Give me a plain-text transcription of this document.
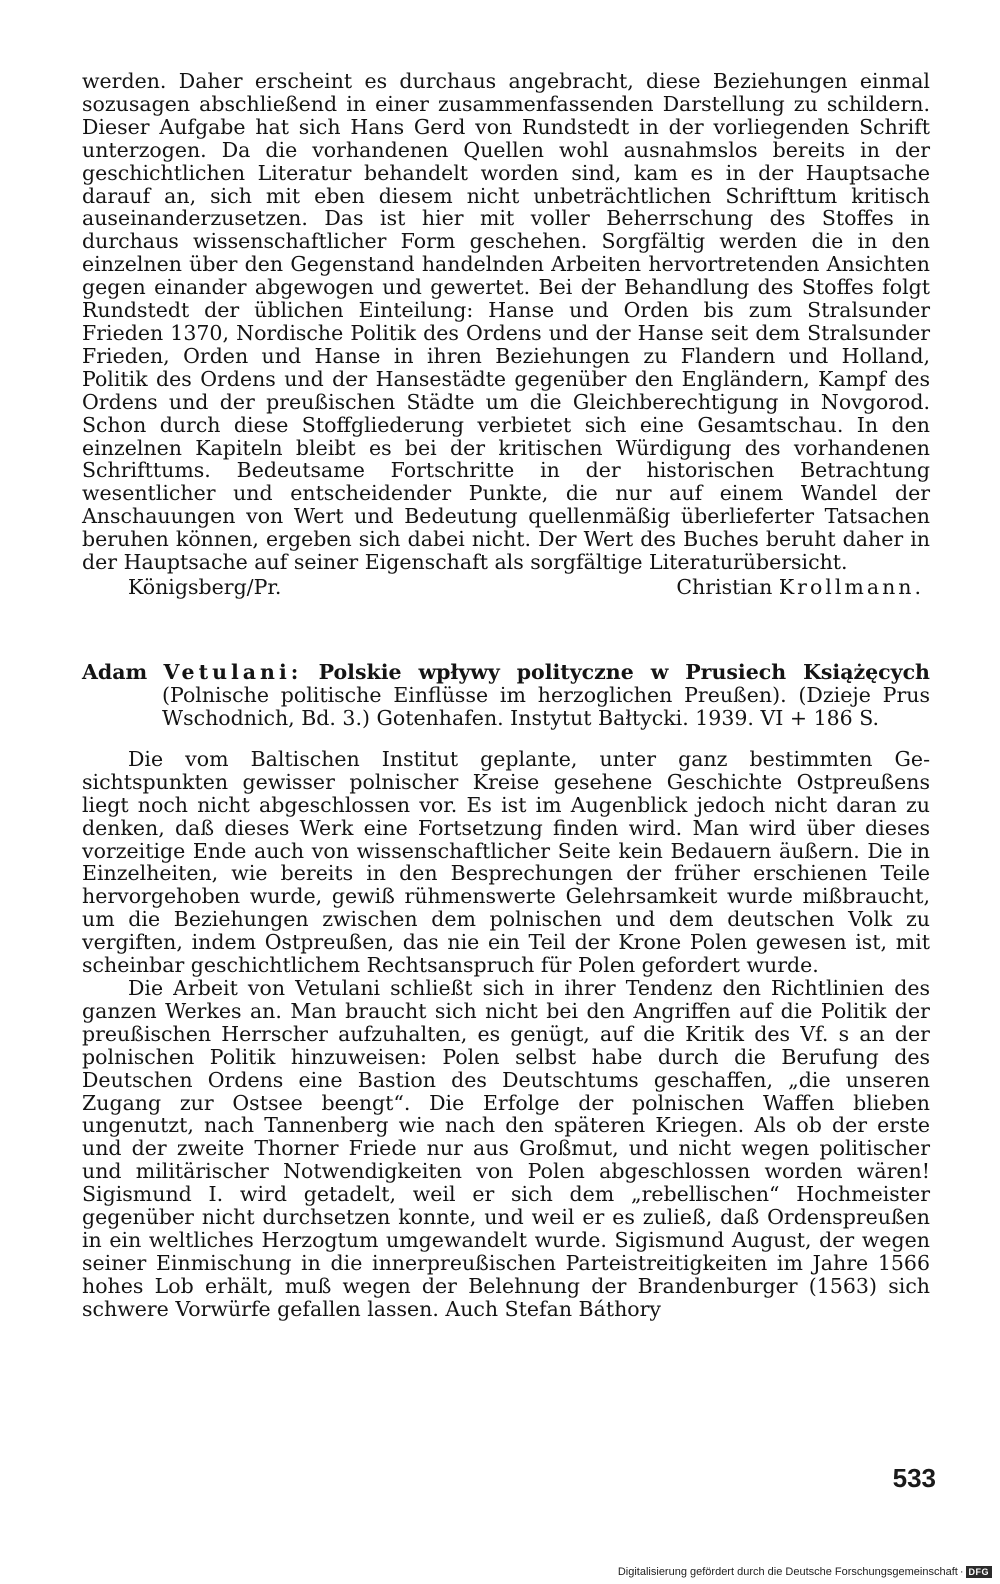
werden. Daher erscheint es durchaus angebracht, diese Beziehungen einmal sozusagen abschließend in einer zusammenfassenden Darstellung zu schildern. Dieser Aufgabe hat sich Hans Gerd von Rundstedt in der vorliegenden Schrift unterzogen. Da die vorhandenen Quellen wohl ausnahmslos bereits in der geschichtlichen Literatur behandelt worden sind, kam es in der Hauptsache darauf an, sich mit eben diesem nicht unbeträchtlichen Schrifttum kritisch auseinanderzusetzen. Das ist hier mit voller Beherrschung des Stoffes in durchaus wissenschaftlicher Form geschehen. Sorgfältig werden die in den einzelnen über den Gegenstand handelnden Arbeiten hervortretenden Ansichten gegen einander abgewogen und gewertet. Bei der Behandlung des Stoffes folgt Rundstedt der üblichen Einteilung: Hanse und Orden bis zum Stralsunder Frieden 1370, Nordische Politik des Ordens und der Hanse seit dem Stralsunder Frieden, Orden und Hanse in ihren Beziehungen zu Flandern und Holland, Politik des Ordens und der Hansestädte gegenüber den Engländern, Kampf des Ordens und der preußischen Städte um die Gleichberechtigung in Novgorod. Schon durch diese Stoffgliederung verbietet sich eine Gesamtschau. In den einzelnen Kapiteln bleibt es bei der kritischen Würdigung des vorhandenen Schrifttums. Bedeutsame Fortschritte in der historischen Betrachtung wesentlicher und entscheidender Punkte, die nur auf einem Wandel der Anschauungen von Wert und Bedeutung quellenmäßig überlieferter Tatsachen beruhen können, ergeben sich dabei nicht. Der Wert des Buches beruht daher in der Hauptsache auf seiner Eigenschaft als sorgfältige Literaturübersicht.

Königsberg/Pr.	Christian Krollmann.
Adam Vetulani: Polskie wpływy polityczne w Prusiech Książęcych (Polnische politische Einflüsse im herzoglichen Preußen). (Dzieje Prus Wschodnich, Bd. 3.) Gotenhafen. Instytut Bałtycki. 1939. VI + 186 S.

Die vom Baltischen Institut geplante, unter ganz bestimmten Gesichtspunkten gewisser polnischer Kreise gesehene Geschichte Ostpreußens liegt noch nicht abgeschlossen vor. Es ist im Augenblick jedoch nicht daran zu denken, daß dieses Werk eine Fortsetzung finden wird. Man wird über dieses vorzeitige Ende auch von wissenschaftlicher Seite kein Bedauern äußern. Die in Einzelheiten, wie bereits in den Besprechungen der früher erschienen Teile hervorgehoben wurde, gewiß rühmenswerte Gelehrsamkeit wurde mißbraucht, um die Beziehungen zwischen dem polnischen und dem deutschen Volk zu vergiften, indem Ostpreußen, das nie ein Teil der Krone Polen gewesen ist, mit scheinbar geschichtlichem Rechtsanspruch für Polen gefordert wurde.

Die Arbeit von Vetulani schließt sich in ihrer Tendenz den Richtlinien des ganzen Werkes an. Man braucht sich nicht bei den Angriffen auf die Politik der preußischen Herrscher aufzuhalten, es genügt, auf die Kritik des Vf. s an der polnischen Politik hinzuweisen: Polen selbst habe durch die Berufung des Deutschen Ordens eine Bastion des Deutschtums geschaffen, „die unseren Zugang zur Ostsee beengt“. Die Erfolge der polnischen Waffen blieben ungenutzt, nach Tannenberg wie nach den späteren Kriegen. Als ob der erste und der zweite Thorner Friede nur aus Großmut, und nicht wegen politischer und militärischer Notwendigkeiten von Polen abgeschlossen worden wären! Sigismund I. wird getadelt, weil er sich dem „rebellischen“ Hochmeister gegenüber nicht durchsetzen konnte, und weil er es zuließ, daß Ordenspreußen in ein weltliches Herzogtum umgewandelt wurde. Sigismund August, der wegen seiner Einmischung in die innerpreußischen Parteistreitigkeiten im Jahre 1566 hohes Lob erhält, muß wegen der Belehnung der Brandenburger (1563) sich schwere Vorwürfe gefallen lassen. Auch Stefan Báthory

533
Digitalisierung gefördert durch die Deutsche Forschungsgemeinschaft · DFG
